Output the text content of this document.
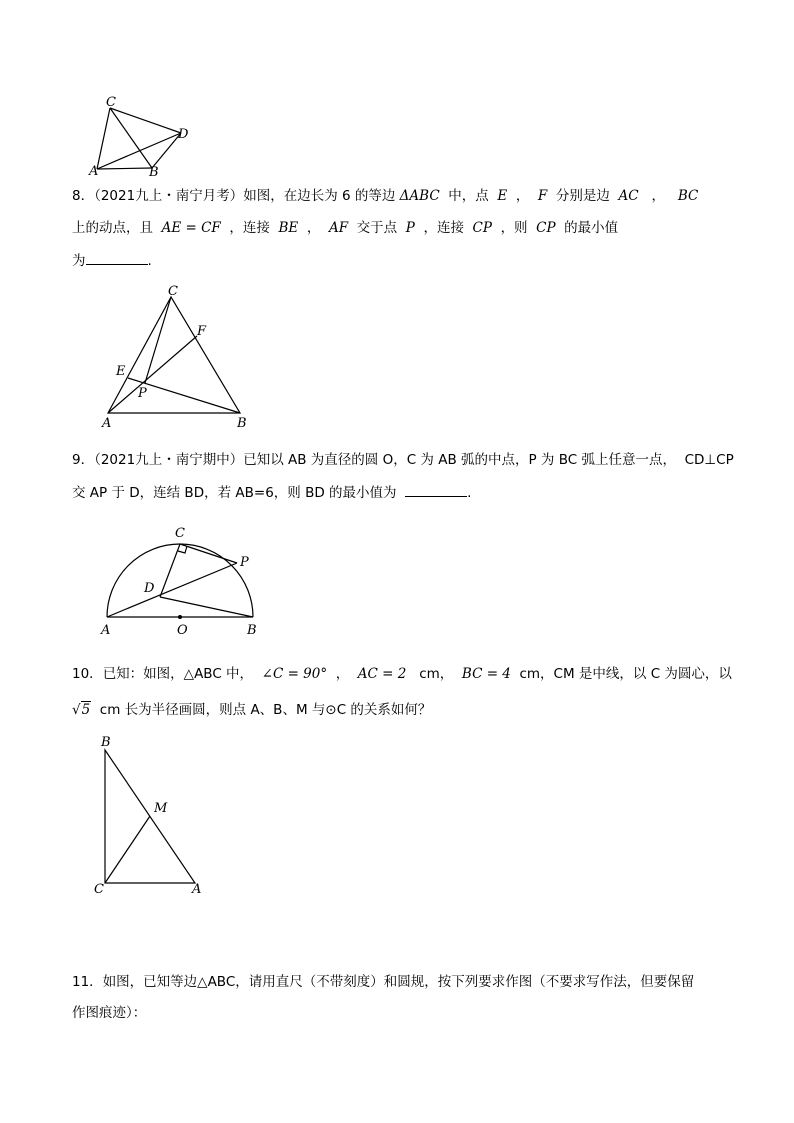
C
D
A	B
8．（2021九上・南宁月考）如图，在边长为 6 的等边 ΔABC 中，点 E ， F 分别是边 AC ， BC
上的动点，且 AE = CF ，连接 BE ， AF 交于点 P ，连接 CP ，则 CP 的最小值
为	.
C
F
E
P
A	B
9．（2021九上・南宁期中）已知以 AB 为直径的圆 O，C 为 AB 弧的中点，P 为 BC 弧上任意一点， CD⊥CP
交 AP 于 D，连结 BD，若 AB=6，则 BD 的最小值为	.
C
P
D
A	O	B
10．已知：如图，△ABC 中， ∠C = 90° ， AC = 2 cm， BC = 4 cm，CM 是中线，以 C 为圆心，以
√5 cm 长为半径画圆，则点 A、B、M 与⊙C 的关系如何？
B
M
C	A
11．如图，已知等边△ABC，请用直尺（不带刻度）和圆规，按下列要求作图（不要求写作法，但要保留
作图痕迹）：
